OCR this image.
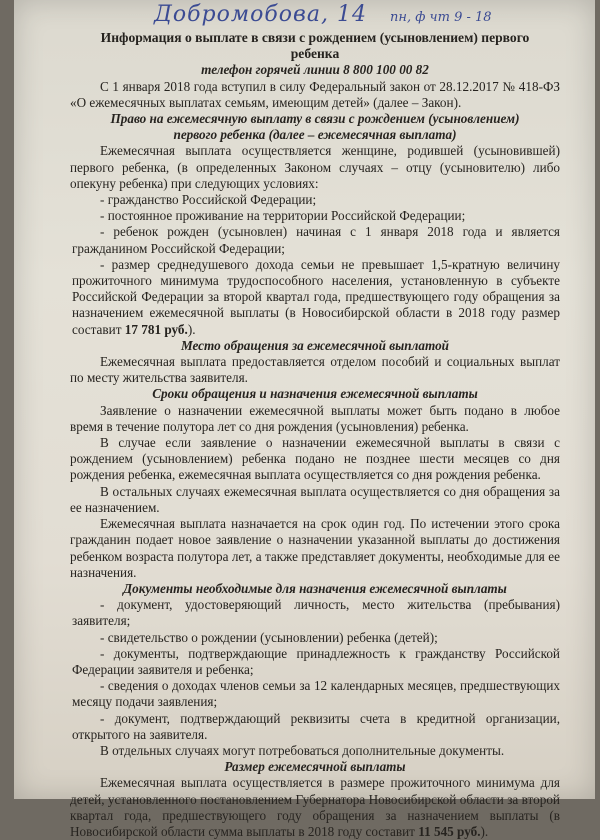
Добромобова, 14 пн, ф чт 9 - 18

Информация о выплате в связи с рождением (усыновлением) первого

ребенка

телефон горячей линии 8 800 100 00 82

С 1 января 2018 года вступил в силу Федеральный закон от 28.12.2017 № 418-ФЗ «О ежемесячных выплатах семьям, имеющим детей» (далее – Закон).

Право на ежемесячную выплату в связи с рождением (усыновлением)

первого ребенка (далее – ежемесячная выплата)

Ежемесячная выплата осуществляется женщине, родившей (усыновившей) первого ребенка, (в определенных Законом случаях – отцу (усыновителю) либо опекуну ребенка) при следующих условиях:

- гражданство Российской Федерации;

- постоянное проживание на территории Российской Федерации;

- ребенок рожден (усыновлен) начиная с 1 января 2018 года и является гражданином Российской Федерации;

- размер среднедушевого дохода семьи не превышает 1,5-кратную величину прожиточного минимума трудоспособного населения, установленную в субъекте Российской Федерации за второй квартал года, предшествующего году обращения за назначением ежемесячной выплаты (в Новосибирской области в 2018 году размер составит 17 781 руб.).

Место обращения за ежемесячной выплатой

Ежемесячная выплата предоставляется отделом пособий и социальных выплат по месту жительства заявителя.

Сроки обращения и назначения ежемесячной выплаты

Заявление о назначении ежемесячной выплаты может быть подано в любое время в течение полутора лет со дня рождения (усыновления) ребенка.

В случае если заявление о назначении ежемесячной выплаты в связи с рождением (усыновлением) ребенка подано не позднее шести месяцев со дня рождения ребенка, ежемесячная выплата осуществляется со дня рождения ребенка.

В остальных случаях ежемесячная выплата осуществляется со дня обращения за ее назначением.

Ежемесячная выплата назначается на срок один год. По истечении этого срока гражданин подает новое заявление о назначении указанной выплаты до достижения ребенком возраста полутора лет, а также представляет документы, необходимые для ее назначения.

Документы необходимые для назначения ежемесячной выплаты

- документ, удостоверяющий личность, место жительства (пребывания) заявителя;

- свидетельство о рождении (усыновлении) ребенка (детей);

- документы, подтверждающие принадлежность к гражданству Российской Федерации заявителя и ребенка;

- сведения о доходах членов семьи за 12 календарных месяцев, предшествующих месяцу подачи заявления;

- документ, подтверждающий реквизиты счета в кредитной организации, открытого на заявителя.

В отдельных случаях могут потребоваться дополнительные документы.

Размер ежемесячной выплаты

Ежемесячная выплата осуществляется в размере прожиточного минимума для детей, установленного постановлением Губернатора Новосибирской области за второй квартал года, предшествующего году обращения за назначением выплаты (в Новосибирской области сумма выплаты в 2018 году составит 11 545 руб.).
